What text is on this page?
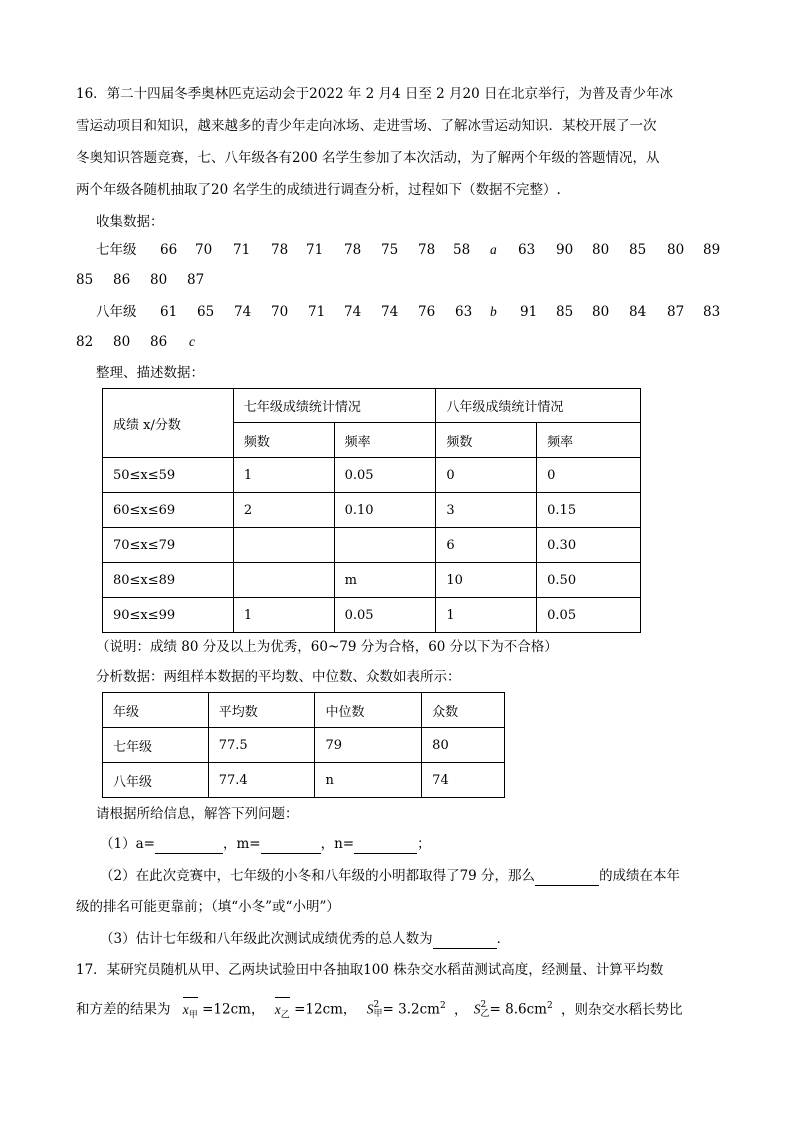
16．第二十四届冬季奥林匹克运动会于2022 年 2 月4 日至 2 月20 日在北京举行，为普及青少年冰
雪运动项目和知识，越来越多的青少年走向冰场、走进雪场、了解冰雪运动知识．某校开展了一次
冬奥知识答题竞赛，七、八年级各有200 名学生参加了本次活动，为了解两个年级的答题情况，从
两个年级各随机抽取了20 名学生的成绩进行调查分析，过程如下（数据不完整）.
收集数据：
七年级 66 70 71 78 71 78 75 78 58 a 63 90 80 85 80 89
85 86 80 87
八年级 61 65 74 70 71 74 74 76 63 b 91 85 80 84 87 83
82 80 86 c
整理、描述数据：
成绩 x/分数	七年级成绩统计情况		八年级成绩统计情况	
	频数	频率	频数	频率
50≤x≤59	1	0.05	0	0
60≤x≤69	2	0.10	3	0.15
70≤x≤79			6	0.30
80≤x≤89		m	10	0.50
90≤x≤99	1	0.05	1	0.05
（说明：成绩 80 分及以上为优秀，60~79 分为合格，60 分以下为不合格）
分析数据：两组样本数据的平均数、中位数、众数如表所示：
年级	平均数	中位数	众数
七年级	77.5	79	80
八年级	77.4	n	74
请根据所给信息，解答下列问题：
（1）a=	，m=	，n=	；
（2）在此次竞赛中，七年级的小冬和八年级的小明都取得了79 分，那么	的成绩在本年
级的排名可能更靠前；（填“小冬”或“小明”）
（3）估计七年级和八年级此次测试成绩优秀的总人数为	．
17．某研究员随机从甲、乙两块试验田中各抽取100 株杂交水稻苗测试高度，经测量、计算平均数
和方差的结果为 $x_甲 =12cm$， $x_乙 =12cm$， S 2
甲 = $3.2cm^2$ ， S 2
乙 = $8.6cm^2$ ，则杂交水稻长势比
